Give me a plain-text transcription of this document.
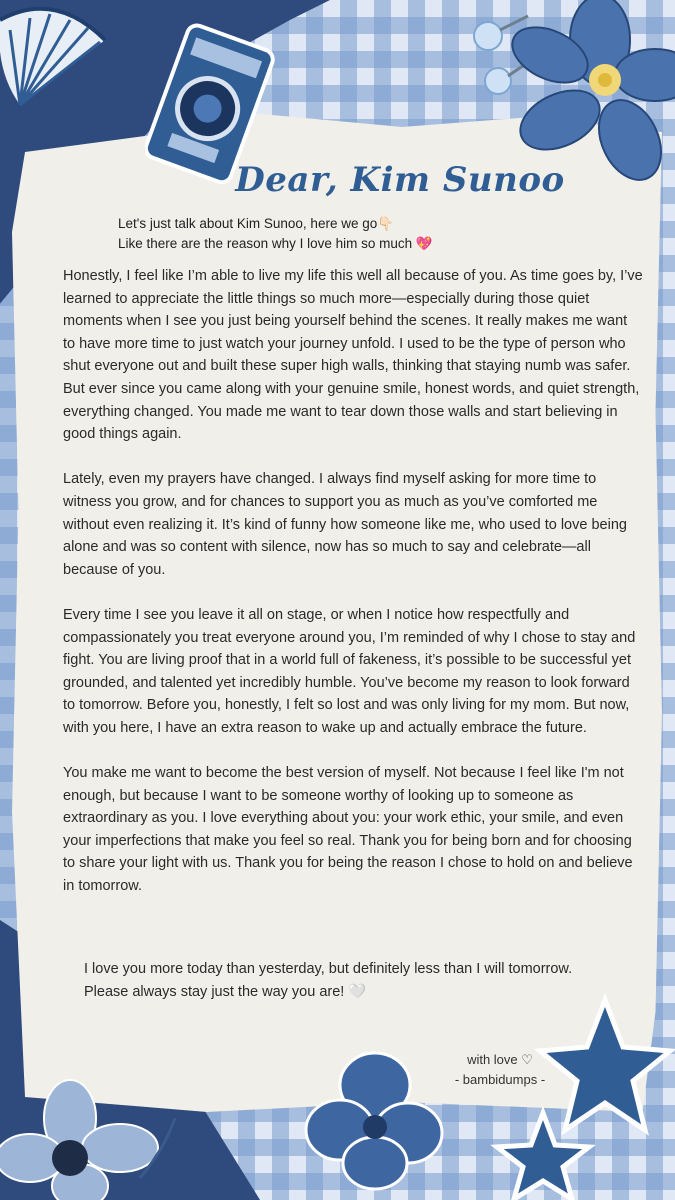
Dear, Kim Sunoo
Let's just talk about Kim Sunoo, here we go👇🏻
Like there are the reason why I love him so much 💖

Honestly, I feel like I’m able to live my life this well all because of you. As time goes by, I’ve learned to appreciate the little things so much more—especially during those quiet moments when I see you just being yourself behind the scenes. It really makes me want to have more time to just watch your journey unfold. I used to be the type of person who shut everyone out and built these super high walls, thinking that staying numb was safer. But ever since you came along with your genuine smile, honest words, and quiet strength, everything changed. You made me want to tear down those walls and start believing in good things again.

Lately, even my prayers have changed. I always find myself asking for more time to witness you grow, and for chances to support you as much as you’ve comforted me without even realizing it. It’s kind of funny how someone like me, who used to love being alone and was so content with silence, now has so much to say and celebrate—all because of you.

Every time I see you leave it all on stage, or when I notice how respectfully and compassionately you treat everyone around you, I’m reminded of why I chose to stay and fight. You are living proof that in a world full of fakeness, it’s possible to be successful yet grounded, and talented yet incredibly humble. You’ve become my reason to look forward to tomorrow. Before you, honestly, I felt so lost and was only living for my mom. But now, with you here, I have an extra reason to wake up and actually embrace the future.

You make me want to become the best version of myself. Not because I feel like I'm not enough, but because I want to be someone worthy of looking up to someone as extraordinary as you. I love everything about you: your work ethic, your smile, and even your imperfections that make you feel so real. Thank you for being born and for choosing to share your light with us. Thank you for being the reason I chose to hold on and believe in tomorrow.

I love you more today than yesterday, but definitely less than I will tomorrow.
Please always stay just the way you are! 🤍
with love ♡
- bambidumps -
